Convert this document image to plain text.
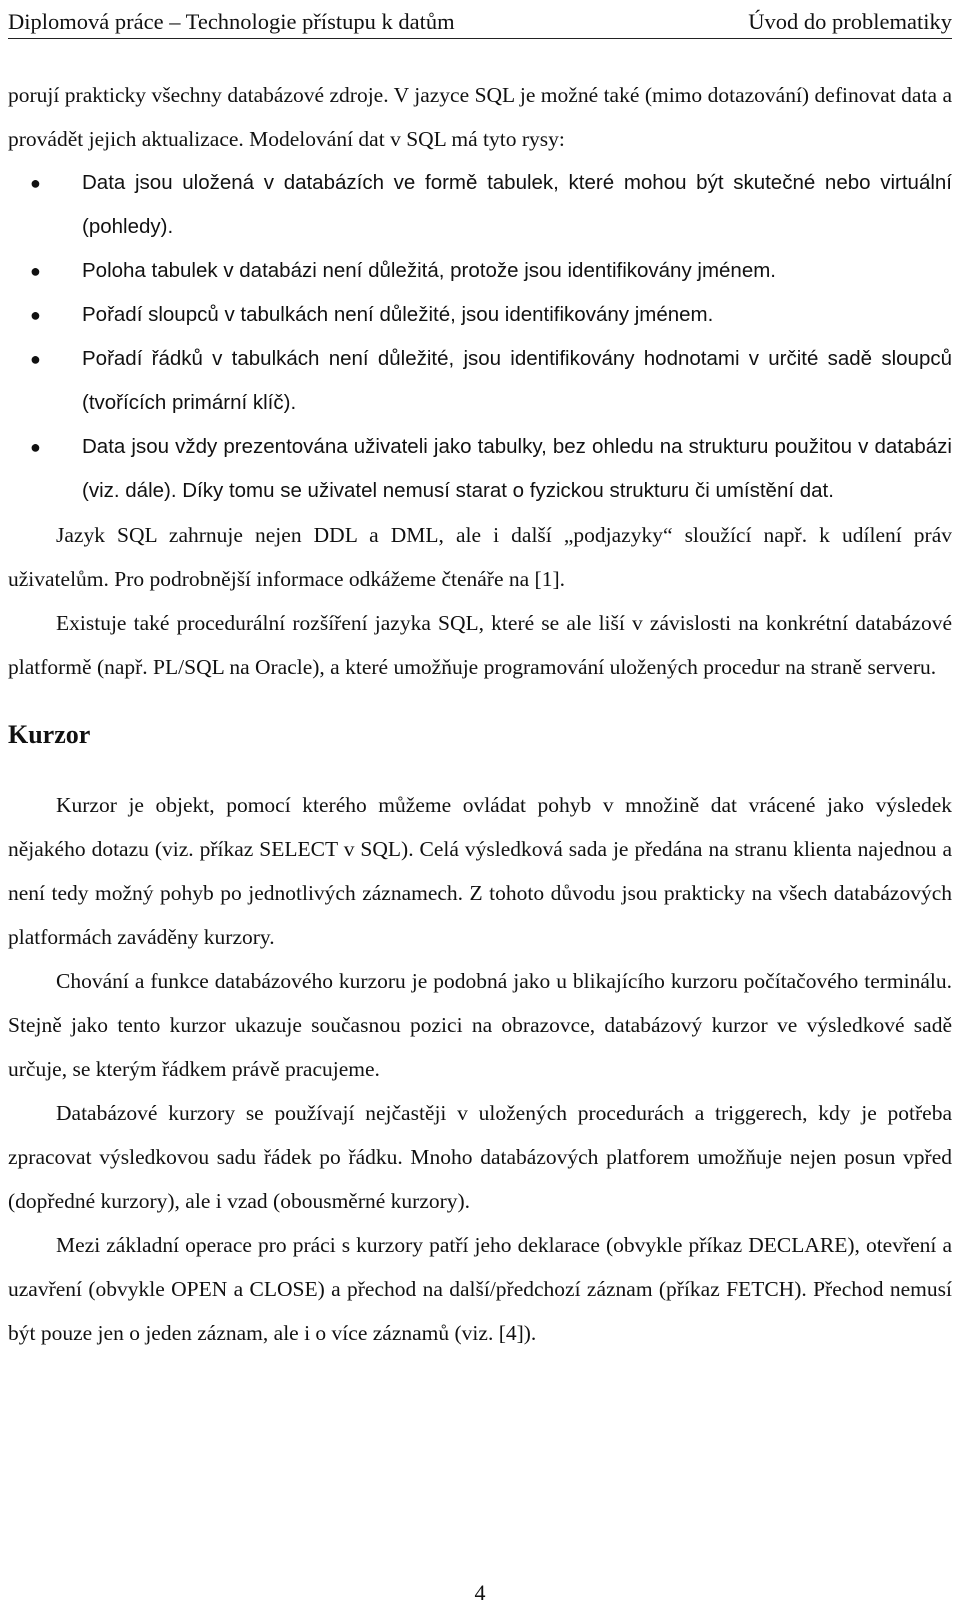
Diplomová práce – Technologie přístupu k datům	Úvod do problematiky

porují prakticky všechny databázové zdroje. V jazyce SQL je možné také (mimo dotazování) definovat data a provádět jejich aktualizace. Modelování dat v SQL má tyto rysy:

● Data jsou uložená v databázích ve formě tabulek, které mohou být skutečné nebo virtuální (pohledy).
● Poloha tabulek v databázi není důležitá, protože jsou identifikovány jménem.
● Pořadí sloupců v tabulkách není důležité, jsou identifikovány jménem.
● Pořadí řádků v tabulkách není důležité, jsou identifikovány hodnotami v určité sadě sloupců (tvořících primární klíč).
● Data jsou vždy prezentována uživateli jako tabulky, bez ohledu na strukturu použitou v databázi (viz. dále). Díky tomu se uživatel nemusí starat o fyzickou strukturu či umístění dat.

Jazyk SQL zahrnuje nejen DDL a DML, ale i další „podjazyky“ sloužící např. k udílení práv uživatelům. Pro podrobnější informace odkážeme čtenáře na [1].

Existuje také procedurální rozšíření jazyka SQL, které se ale liší v závislosti na konkrétní databázové platformě (např. PL/SQL na Oracle), a které umožňuje programování uložených procedur na straně serveru.

Kurzor

Kurzor je objekt, pomocí kterého můžeme ovládat pohyb v množině dat vrácené jako výsledek nějakého dotazu (viz. příkaz SELECT v SQL). Celá výsledková sada je předána na stranu klienta najednou a není tedy možný pohyb po jednotlivých záznamech. Z tohoto důvodu jsou prakticky na všech databázových platformách zaváděny kurzory.

Chování a funkce databázového kurzoru je podobná jako u blikajícího kurzoru počítačového terminálu. Stejně jako tento kurzor ukazuje současnou pozici na obrazovce, databázový kurzor ve výsledkové sadě určuje, se kterým řádkem právě pracujeme.

Databázové kurzory se používají nejčastěji v uložených procedurách a triggerech, kdy je potřeba zpracovat výsledkovou sadu řádek po řádku. Mnoho databázových platforem umožňuje nejen posun vpřed (dopředné kurzory), ale i vzad (obousměrné kurzory).

Mezi základní operace pro práci s kurzory patří jeho deklarace (obvykle příkaz DECLARE), otevření a uzavření (obvykle OPEN a CLOSE) a přechod na další/předchozí záznam (příkaz FETCH). Přechod nemusí být pouze jen o jeden záznam, ale i o více záznamů (viz. [4]).

4
